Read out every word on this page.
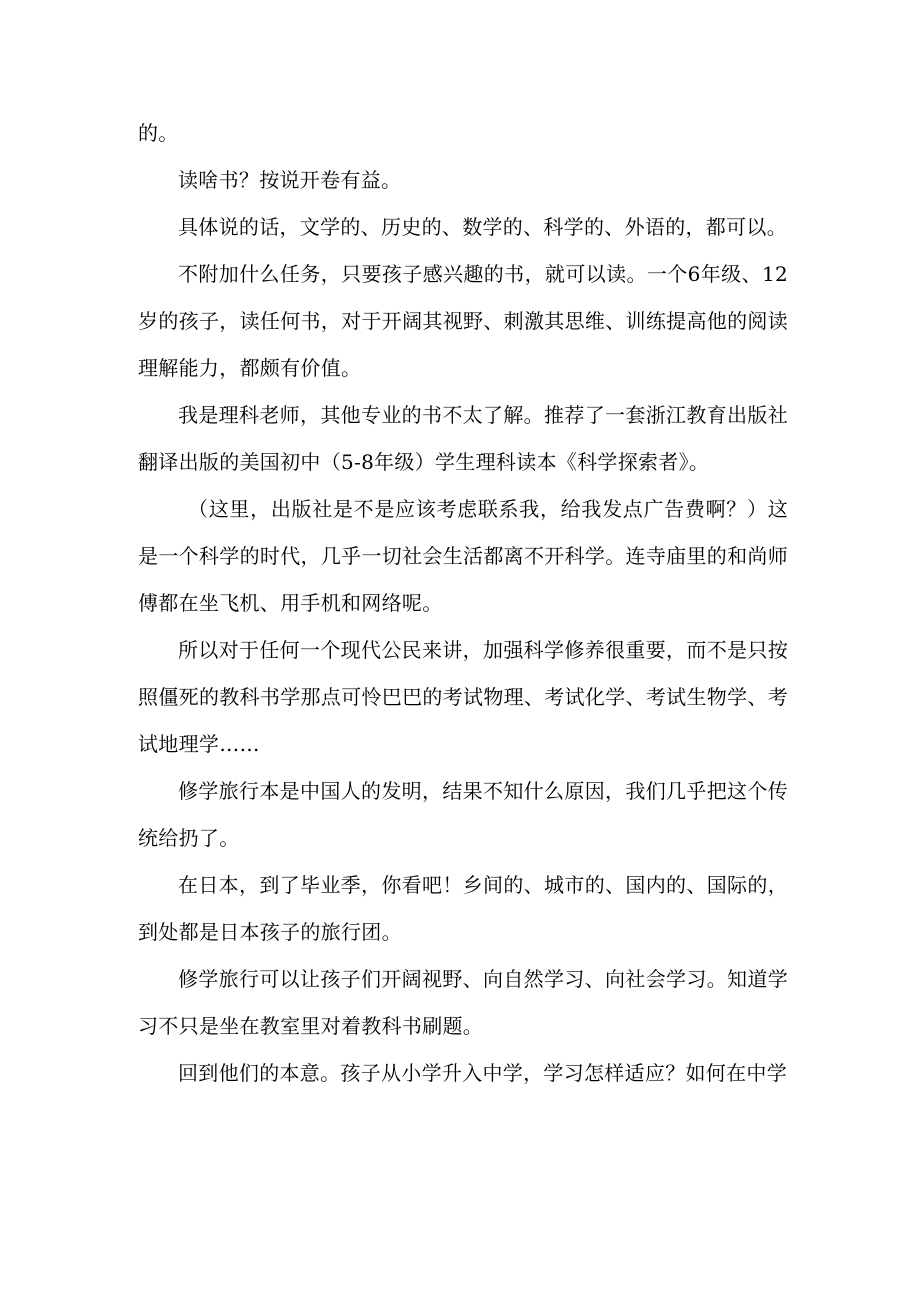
的。

读啥书？按说开卷有益。

具体说的话，文学的、历史的、数学的、科学的、外语的，都可以。

不附加什么任务，只要孩子感兴趣的书，就可以读。一个6年级、12岁的孩子，读任何书，对于开阔其视野、刺激其思维、训练提高他的阅读理解能力，都颇有价值。

我是理科老师，其他专业的书不太了解。推荐了一套浙江教育出版社翻译出版的美国初中（5-8年级）学生理科读本《科学探索者》。

（这里，出版社是不是应该考虑联系我，给我发点广告费啊？）这是一个科学的时代，几乎一切社会生活都离不开科学。连寺庙里的和尚师傅都在坐飞机、用手机和网络呢。

所以对于任何一个现代公民来讲，加强科学修养很重要，而不是只按照僵死的教科书学那点可怜巴巴的考试物理、考试化学、考试生物学、考试地理学……

修学旅行本是中国人的发明，结果不知什么原因，我们几乎把这个传统给扔了。

在日本，到了毕业季，你看吧！乡间的、城市的、国内的、国际的，到处都是日本孩子的旅行团。

修学旅行可以让孩子们开阔视野、向自然学习、向社会学习。知道学习不只是坐在教室里对着教科书刷题。

回到他们的本意。孩子从小学升入中学，学习怎样适应？如何在中学
